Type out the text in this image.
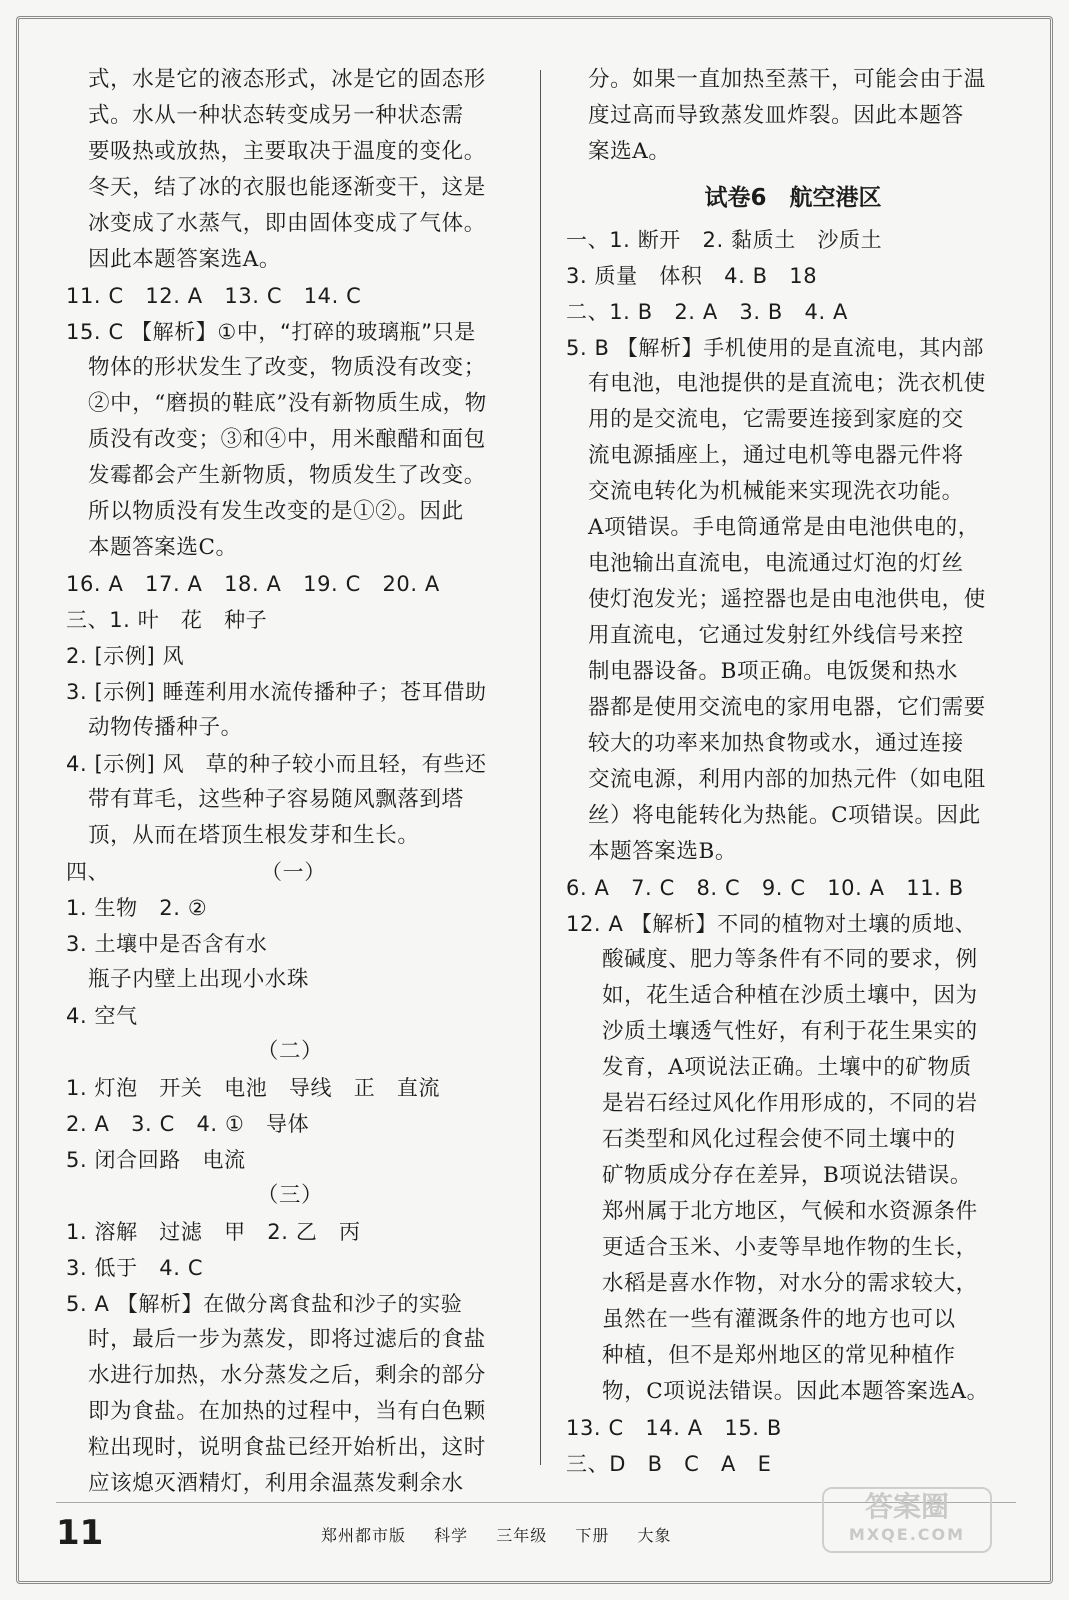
式，水是它的液态形式，冰是它的固态形
式。水从一种状态转变成另一种状态需
要吸热或放热，主要取决于温度的变化。
冬天，结了冰的衣服也能逐渐变干，这是
冰变成了水蒸气，即由固体变成了气体。
因此本题答案选A。
11. C　12. A　13. C　14. C
15. C 【解析】①中，“打碎的玻璃瓶”只是
物体的形状发生了改变，物质没有改变；
②中，“磨损的鞋底”没有新物质生成，物
质没有改变；③和④中，用米酿醋和面包
发霉都会产生新物质，物质发生了改变。
所以物质没有发生改变的是①②。因此
本题答案选C。
16. A　17. A　18. A　19. C　20. A
三、1. 叶　花　种子
2. [示例] 风
3. [示例] 睡莲利用水流传播种子；苍耳借助
动物传播种子。
4. [示例] 风　草的种子较小而且轻，有些还
带有茸毛，这些种子容易随风飘落到塔
顶，从而在塔顶生根发芽和生长。
四、　　　　　　　　（一）
1. 生物　2. ②
3. 土壤中是否含有水
瓶子内壁上出现小水珠
4. 空气
（二）
1. 灯泡　开关　电池　导线　正　直流
2. A　3. C　4. ①　导体
5. 闭合回路　电流
（三）
1. 溶解　过滤　甲　2. 乙　丙
3. 低于　4. C
5. A 【解析】在做分离食盐和沙子的实验
时，最后一步为蒸发，即将过滤后的食盐
水进行加热，水分蒸发之后，剩余的部分
即为食盐。在加热的过程中，当有白色颗
粒出现时，说明食盐已经开始析出，这时
应该熄灭酒精灯，利用余温蒸发剩余水
分。如果一直加热至蒸干，可能会由于温
度过高而导致蒸发皿炸裂。因此本题答
案选A。
试卷6　航空港区
一、1. 断开　2. 黏质土　沙质土
3. 质量　体积　4. B　18
二、1. B　2. A　3. B　4. A
5. B 【解析】手机使用的是直流电，其内部
有电池，电池提供的是直流电；洗衣机使
用的是交流电，它需要连接到家庭的交
流电源插座上，通过电机等电器元件将
交流电转化为机械能来实现洗衣功能。
A项错误。手电筒通常是由电池供电的，
电池输出直流电，电流通过灯泡的灯丝
使灯泡发光；遥控器也是由电池供电，使
用直流电，它通过发射红外线信号来控
制电器设备。B项正确。电饭煲和热水
器都是使用交流电的家用电器，它们需要
较大的功率来加热食物或水，通过连接
交流电源，利用内部的加热元件（如电阻
丝）将电能转化为热能。C项错误。因此
本题答案选B。
6. A　7. C　8. C　9. C　10. A　11. B
12. A 【解析】不同的植物对土壤的质地、
酸碱度、肥力等条件有不同的要求，例
如，花生适合种植在沙质土壤中，因为
沙质土壤透气性好，有利于花生果实的
发育，A项说法正确。土壤中的矿物质
是岩石经过风化作用形成的，不同的岩
石类型和风化过程会使不同土壤中的
矿物质成分存在差异，B项说法错误。
郑州属于北方地区，气候和水资源条件
更适合玉米、小麦等旱地作物的生长，
水稻是喜水作物，对水分的需求较大，
虽然在一些有灌溉条件的地方也可以
种植，但不是郑州地区的常见种植作
物，C项说法错误。因此本题答案选A。
13. C　14. A　15. B
三、D　B　C　A　E
11	郑州都市版 科学 三年级 下册 大象
答案圈
MXQE.COM
